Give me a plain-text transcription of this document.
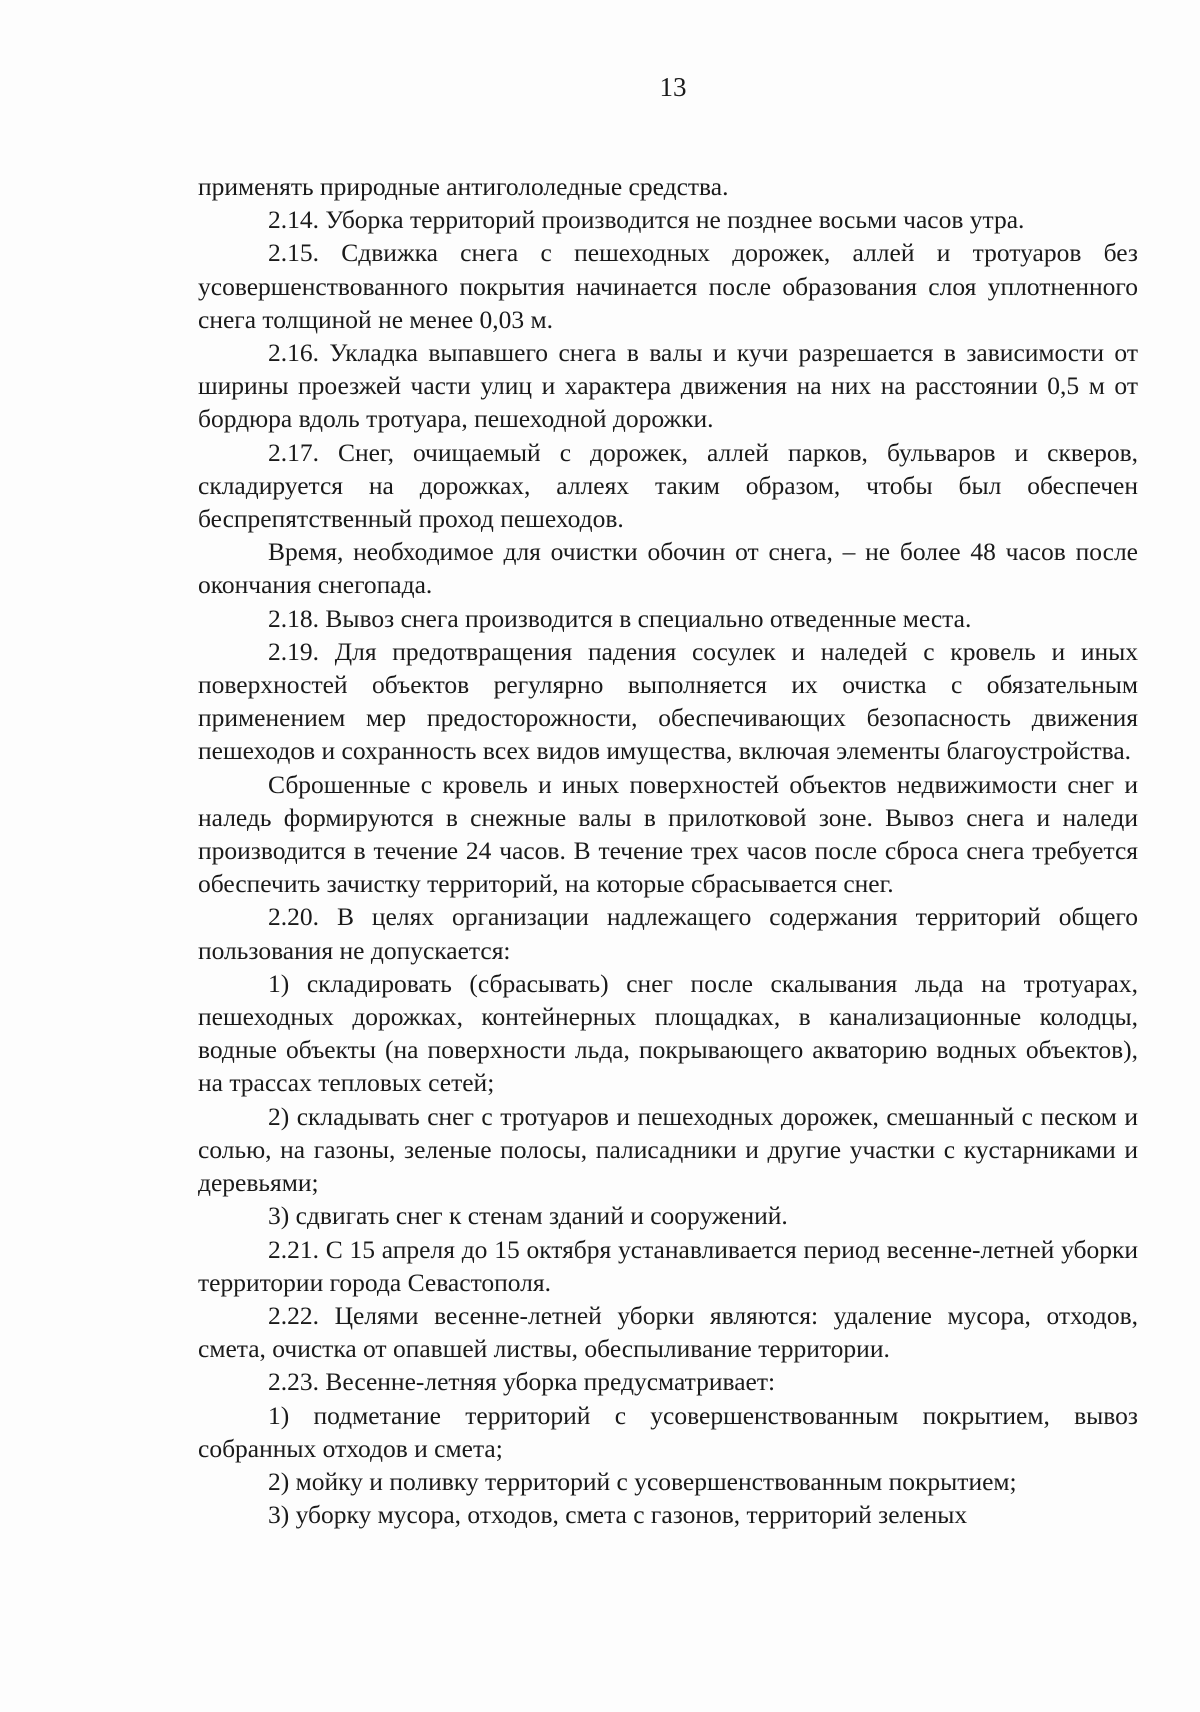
13

применять природные антигололедные средства.

2.14. Уборка территорий производится не позднее восьми часов утра.

2.15. Сдвижка снега с пешеходных дорожек, аллей и тротуаров без усовершенствованного покрытия начинается после образования слоя уплотненного снега толщиной не менее 0,03 м.

2.16. Укладка выпавшего снега в валы и кучи разрешается в зависимости от ширины проезжей части улиц и характера движения на них на расстоянии 0,5 м от бордюра вдоль тротуара, пешеходной дорожки.

2.17. Снег, очищаемый с дорожек, аллей парков, бульваров и скверов, складируется на дорожках, аллеях таким образом, чтобы был обеспечен беспрепятственный проход пешеходов.

Время, необходимое для очистки обочин от снега, – не более 48 часов после окончания снегопада.

2.18. Вывоз снега производится в специально отведенные места.

2.19. Для предотвращения падения сосулек и наледей с кровель и иных поверхностей объектов регулярно выполняется их очистка с обязательным применением мер предосторожности, обеспечивающих безопасность движения пешеходов и сохранность всех видов имущества, включая элементы благоустройства.

Сброшенные с кровель и иных поверхностей объектов недвижимости снег и наледь формируются в снежные валы в прилотковой зоне. Вывоз снега и наледи производится в течение 24 часов. В течение трех часов после сброса снега требуется обеспечить зачистку территорий, на которые сбрасывается снег.

2.20. В целях организации надлежащего содержания территорий общего пользования не допускается:

1) складировать (сбрасывать) снег после скалывания льда на тротуарах, пешеходных дорожках, контейнерных площадках, в канализационные колодцы, водные объекты (на поверхности льда, покрывающего акваторию водных объектов), на трассах тепловых сетей;

2) складывать снег с тротуаров и пешеходных дорожек, смешанный с песком и солью, на газоны, зеленые полосы, палисадники и другие участки с кустарниками и деревьями;

3) сдвигать снег к стенам зданий и сооружений.

2.21. С 15 апреля до 15 октября устанавливается период весенне-летней уборки территории города Севастополя.

2.22. Целями весенне-летней уборки являются: удаление мусора, отходов, смета, очистка от опавшей листвы, обеспыливание территории.

2.23. Весенне-летняя уборка предусматривает:

1) подметание территорий с усовершенствованным покрытием, вывоз собранных отходов и смета;

2) мойку и поливку территорий с усовершенствованным покрытием;

3) уборку мусора, отходов, смета с газонов, территорий зеленых
